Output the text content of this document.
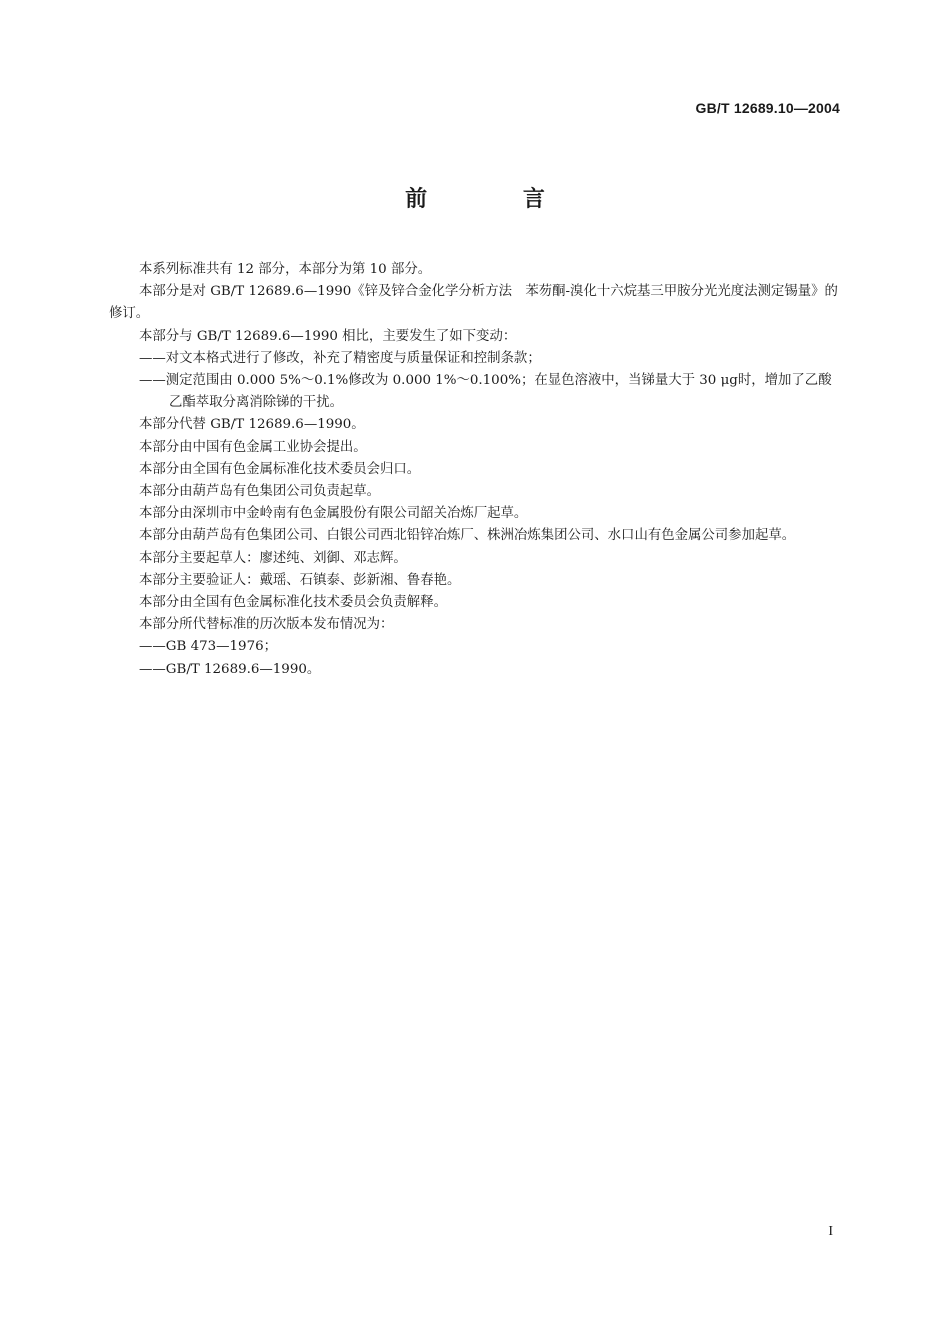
GB/T 12689.10—2004
前 言

本系列标准共有 12 部分，本部分为第 10 部分。

本部分是对 GB/T 12689.6—1990《锌及锌合金化学分析方法　苯芴酮-溴化十六烷基三甲胺分光光度法测定锡量》的修订。

本部分与 GB/T 12689.6—1990 相比，主要发生了如下变动：

——对文本格式进行了修改，补充了精密度与质量保证和控制条款；

——测定范围由 0.000 5%～0.1%修改为 0.000 1%～0.100%；在显色溶液中，当锑量大于 30 μg时，增加了乙酸乙酯萃取分离消除锑的干扰。

本部分代替 GB/T 12689.6—1990。

本部分由中国有色金属工业协会提出。

本部分由全国有色金属标准化技术委员会归口。

本部分由葫芦岛有色集团公司负责起草。

本部分由深圳市中金岭南有色金属股份有限公司韶关冶炼厂起草。

本部分由葫芦岛有色集团公司、白银公司西北铅锌冶炼厂、株洲冶炼集团公司、水口山有色金属公司参加起草。

本部分主要起草人：廖述纯、刘御、邓志辉。

本部分主要验证人：戴瑶、石镇泰、彭新湘、鲁春艳。

本部分由全国有色金属标准化技术委员会负责解释。

本部分所代替标准的历次版本发布情况为：

——GB 473—1976；

——GB/T 12689.6—1990。

I
